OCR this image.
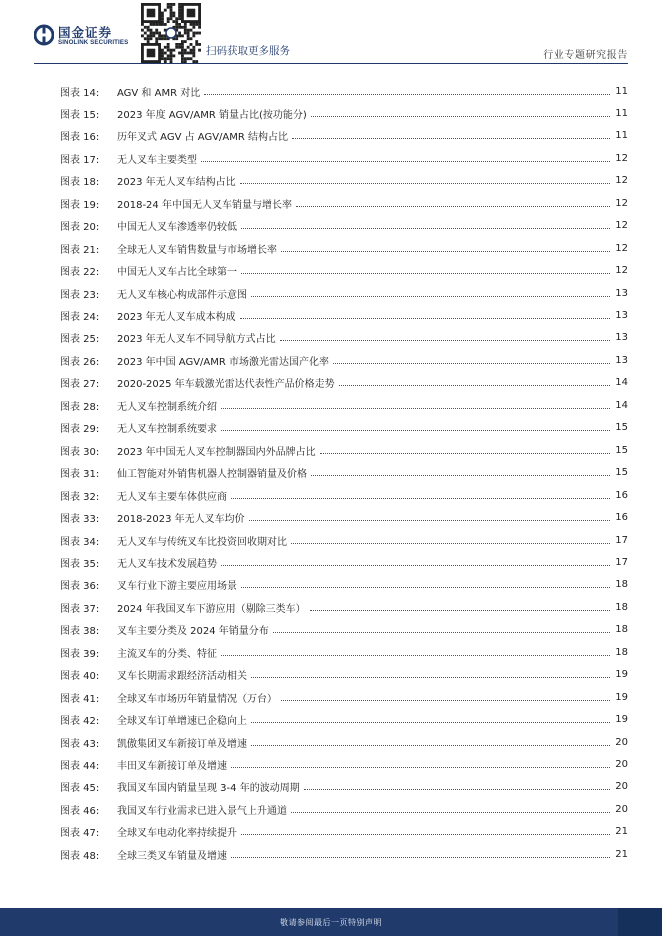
国金证券
SINOLINK SECURITIES
扫码获取更多服务	行业专题研究报告
图表 14:	AGV 和 AMR 对比	11
图表 15:	2023 年度 AGV/AMR 销量占比(按功能分)	11
图表 16:	历年叉式 AGV 占 AGV/AMR 结构占比	11
图表 17:	无人叉车主要类型	12
图表 18:	2023 年无人叉车结构占比	12
图表 19:	2018-24 年中国无人叉车销量与增长率	12
图表 20:	中国无人叉车渗透率仍较低	12
图表 21:	全球无人叉车销售数量与市场增长率	12
图表 22:	中国无人叉车占比全球第一	12
图表 23:	无人叉车核心构成部件示意图	13
图表 24:	2023 年无人叉车成本构成	13
图表 25:	2023 年无人叉车不同导航方式占比	13
图表 26:	2023 年中国 AGV/AMR 市场激光雷达国产化率	13
图表 27:	2020-2025 年车载激光雷达代表性产品价格走势	14
图表 28:	无人叉车控制系统介绍	14
图表 29:	无人叉车控制系统要求	15
图表 30:	2023 年中国无人叉车控制器国内外品牌占比	15
图表 31:	仙工智能对外销售机器人控制器销量及价格	15
图表 32:	无人叉车主要车体供应商	16
图表 33:	2018-2023 年无人叉车均价	16
图表 34:	无人叉车与传统叉车比投资回收期对比	17
图表 35:	无人叉车技术发展趋势	17
图表 36:	叉车行业下游主要应用场景	18
图表 37:	2024 年我国叉车下游应用（剔除三类车）	18
图表 38:	叉车主要分类及 2024 年销量分布	18
图表 39:	主流叉车的分类、特征	18
图表 40:	叉车长期需求跟经济活动相关	19
图表 41:	全球叉车市场历年销量情况（万台）	19
图表 42:	全球叉车订单增速已企稳向上	19
图表 43:	凯傲集团叉车新接订单及增速	20
图表 44:	丰田叉车新接订单及增速	20
图表 45:	我国叉车国内销量呈现 3-4 年的波动周期	20
图表 46:	我国叉车行业需求已进入景气上升通道	20
图表 47:	全球叉车电动化率持续提升	21
图表 48:	全球三类叉车销量及增速	21
敬请参阅最后一页特别声明
